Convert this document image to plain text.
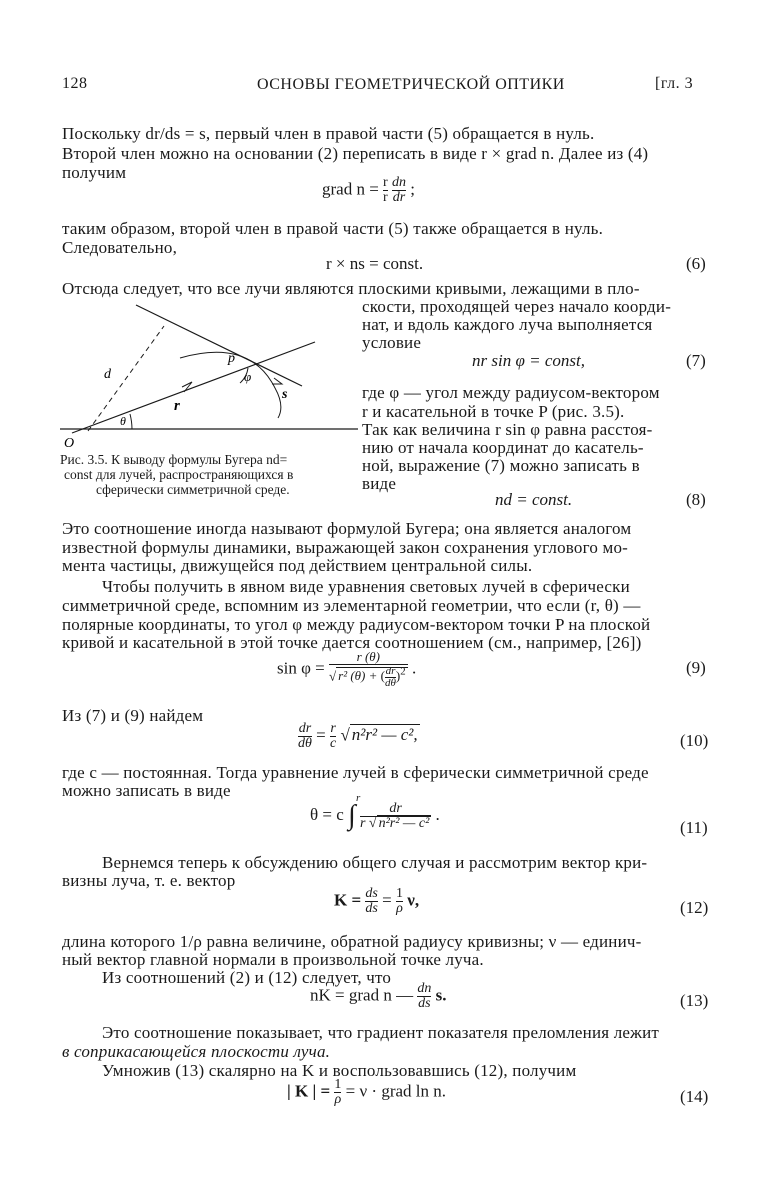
128	ОСНОВЫ ГЕОМЕТРИЧЕСКОЙ ОПТИКИ	[гл. 3
Поскольку dr/ds = s, первый член в правой части (5) обращается в нуль.
Второй член можно на основании (2) переписать в виде r × grad n. Далее из (4)
получим
grad $n = \frac{r}{r}$
$\frac{dn}{dr}$ ;
таким образом, второй член в правой части (5) также обращается в нуль.
Следовательно,
r × ns = const.	(6)
Отсюда следует, что все лучи являются плоскими кривыми, лежащими в пло-
скости, проходящей через начало коорди-
нат, и вдоль каждого луча выполняется
условие
nr sin φ = const,	(7)
где φ — угол между радиусом-вектором
r и касательной в точке P (рис. 3.5).
Так как величина r sin φ равна расстоя-
нию от начала координат до касатель-
ной, выражение (7) можно записать в
виде
nd = const.	(8)
d
p
φ
s
r
θ
O
Рис. 3.5. К выводу формулы Бугера nd=
const для лучей, распространяющихся в
сферически симметричной среде.
Это соотношение иногда называют формулой Бугера; она является аналогом
известной формулы динамики, выражающей закон сохранения углового мо-
мента частицы, движущейся под действием центральной силы.
Чтобы получить в явном виде уравнения световых лучей в сферически
симметричной среде, вспомним из элементарной геометрии, что если (r, θ) —
полярные координаты, то угол φ между радиусом-вектором точки P на плоской
кривой и касательной в этой точке дается соотношением (см., например, [26])
$\sin \varphi = \frac{r (\theta)}{√ r^2 (\theta) + ( \frac{dr}{d\theta} )^2}$ .	(9)
Из (7) и (9) найдем
$\frac{dr}{d\theta} = \frac{r}{c}$ √ n²r² — c²,	(10)
где c — постоянная. Тогда уравнение лучей в сферически симметричной среде
можно записать в виде
θ = c ∫
r

$\frac{dr}{\text{r √ n²r² — c²}}$ .
(11)
Вернемся теперь к обсуждению общего случая и рассмотрим вектор кри-
визны луча, т. е. вектор
$K = \frac{ds}{ds} = \frac{1}{\rho} \nu$,	(12)
длина которого 1/ρ равна величине, обратной радиусу кривизны; ν — единич-
ный вектор главной нормали в произвольной точке луча.
Из соотношений (2) и (12) следует, что
nK = grad n — $\frac{dn}{ds} s$.	(13)
Это соотношение показывает, что градиент показателя преломления лежит
в соприкасающейся плоскости луча.
Умножив (13) скалярно на K и воспользовавшись (12), получим
| K | = $\frac{1}{\rho} = \nu$ · grad ln n.	(14)
